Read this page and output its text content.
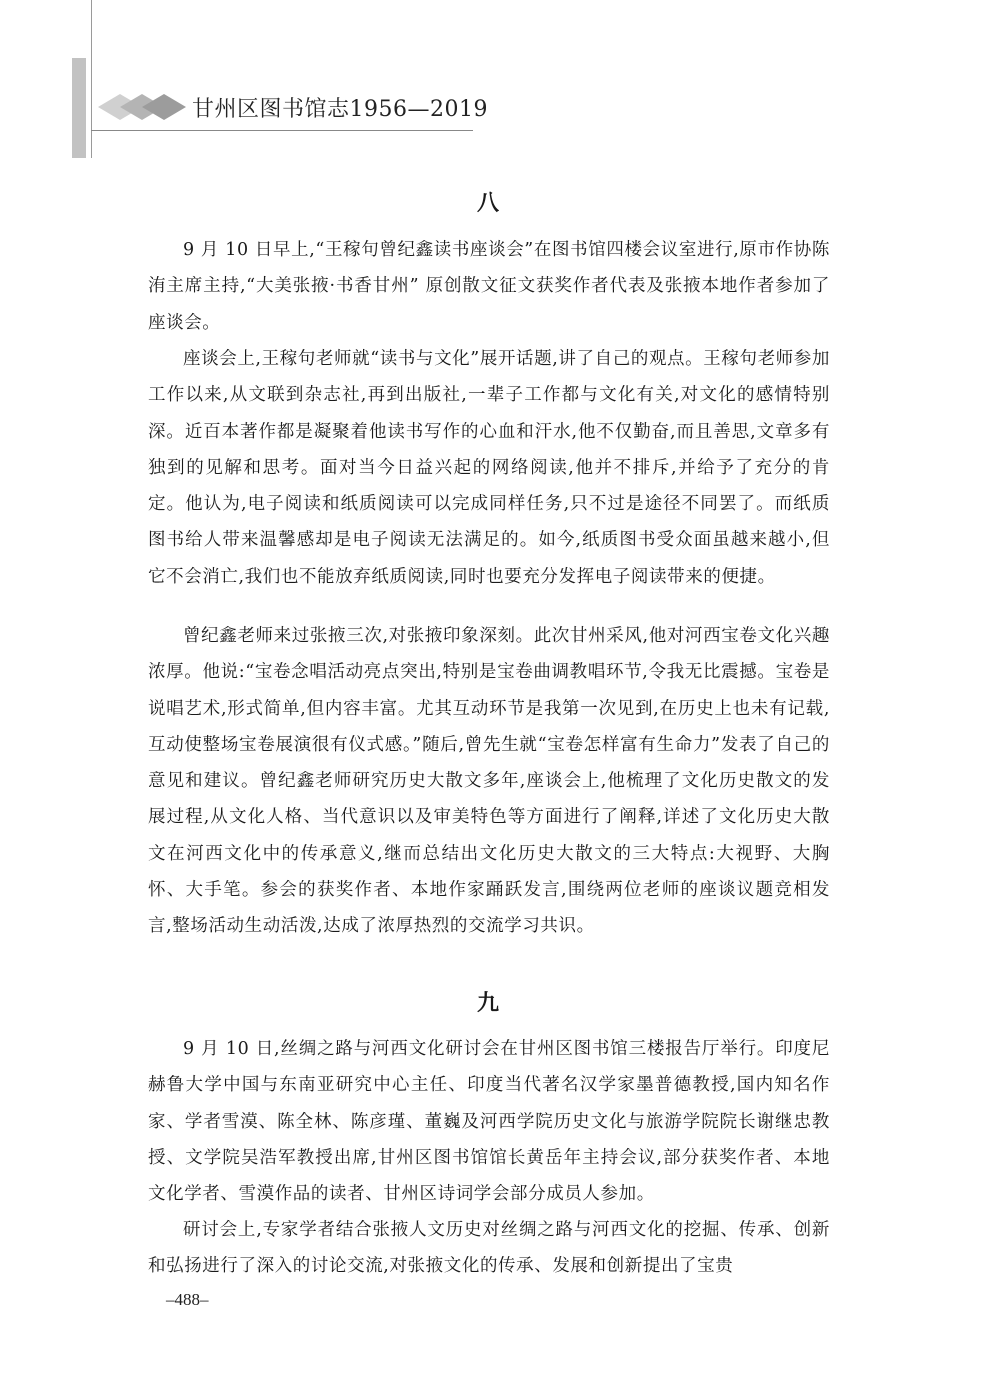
甘州区图书馆志1956—2019
八

9 月 10 日早上,“王稼句曾纪鑫读书座谈会”在图书馆四楼会议室进行,原市作协陈洧主席主持,“大美张掖·书香甘州” 原创散文征文获奖作者代表及张掖本地作者参加了座谈会。

座谈会上,王稼句老师就“读书与文化”展开话题,讲了自己的观点。王稼句老师参加工作以来,从文联到杂志社,再到出版社,一辈子工作都与文化有关,对文化的感情特别深。近百本著作都是凝聚着他读书写作的心血和汗水,他不仅勤奋,而且善思,文章多有独到的见解和思考。面对当今日益兴起的网络阅读,他并不排斥,并给予了充分的肯定。他认为,电子阅读和纸质阅读可以完成同样任务,只不过是途径不同罢了。而纸质图书给人带来温馨感却是电子阅读无法满足的。如今,纸质图书受众面虽越来越小,但它不会消亡,我们也不能放弃纸质阅读,同时也要充分发挥电子阅读带来的便捷。

曾纪鑫老师来过张掖三次,对张掖印象深刻。此次甘州采风,他对河西宝卷文化兴趣浓厚。他说:“宝卷念唱活动亮点突出,特别是宝卷曲调教唱环节,令我无比震撼。宝卷是说唱艺术,形式简单,但内容丰富。尤其互动环节是我第一次见到,在历史上也未有记载,互动使整场宝卷展演很有仪式感。”随后,曾先生就“宝卷怎样富有生命力”发表了自己的意见和建议。曾纪鑫老师研究历史大散文多年,座谈会上,他梳理了文化历史散文的发展过程,从文化人格、当代意识以及审美特色等方面进行了阐释,详述了文化历史大散文在河西文化中的传承意义,继而总结出文化历史大散文的三大特点:大视野、大胸怀、大手笔。参会的获奖作者、本地作家踊跃发言,围绕两位老师的座谈议题竞相发言,整场活动生动活泼,达成了浓厚热烈的交流学习共识。

九

9 月 10 日,丝绸之路与河西文化研讨会在甘州区图书馆三楼报告厅举行。印度尼赫鲁大学中国与东南亚研究中心主任、印度当代著名汉学家墨普德教授,国内知名作家、学者雪漠、陈全林、陈彦瑾、董巍及河西学院历史文化与旅游学院院长谢继忠教授、文学院吴浩军教授出席,甘州区图书馆馆长黄岳年主持会议,部分获奖作者、本地文化学者、雪漠作品的读者、甘州区诗词学会部分成员人参加。

研讨会上,专家学者结合张掖人文历史对丝绸之路与河西文化的挖掘、传承、创新和弘扬进行了深入的讨论交流,对张掖文化的传承、发展和创新提出了宝贵

–488–
